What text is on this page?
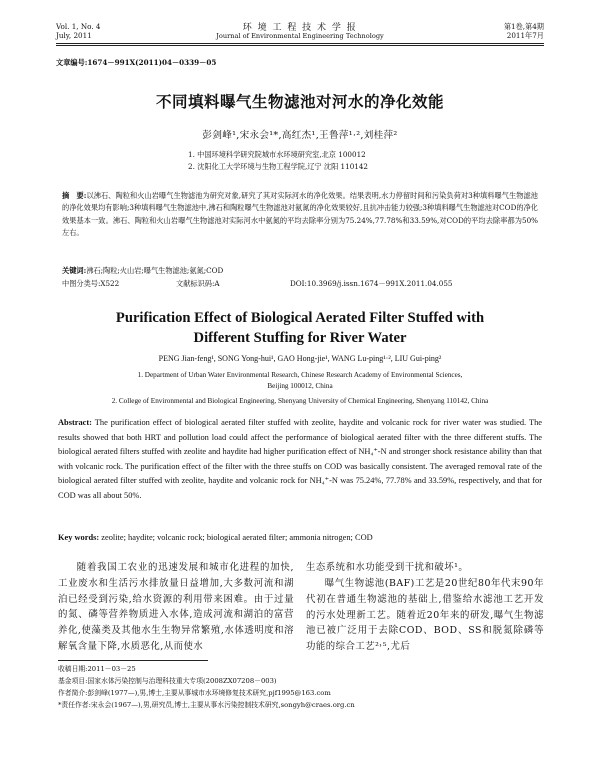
Vol. 1, No. 4
July, 2011
环 境 工 程 技 术 学 报
Journal of Environmental Engineering Technology
第1卷,第4期
2011年7月
文章编号:1674－991X(2011)04－0339－05
不同填料曝气生物滤池对河水的净化效能
彭剑峰¹,宋永会¹*,高红杰¹,王鲁萍¹·²,刘桂萍²
1. 中国环境科学研究院城市水环境研究室,北京 100012
2. 沈阳化工大学环境与生物工程学院,辽宁 沈阳 110142
摘　要:以沸石、陶粒和火山岩曝气生物滤池为研究对象,研究了其对实际河水的净化效果。结果表明,水力停留时间和污染负荷对3种填料曝气生物滤池的净化效果均有影响;3种填料曝气生物滤池中,沸石和陶粒曝气生物滤池对氨氮的净化效果较好,且抗冲击能力较强;3种填料曝气生物滤池对COD的净化效果基本一致。沸石、陶粒和火山岩曝气生物滤池对实际河水中氨氮的平均去除率分别为75.24%,77.78%和33.59%,对COD的平均去除率都为50%左右。
关键词:沸石;陶粒;火山岩;曝气生物滤池;氨氮;COD
中图分类号:X522	文献标识码:A	DOI:10.3969/j.issn.1674－991X.2011.04.055
Purification Effect of Biological Aerated Filter Stuffed with
Different Stuffing for River Water
PENG Jian-feng¹, SONG Yong-hui¹, GAO Hong-jie¹, WANG Lu-ping¹·², LIU Gui-ping²
1. Department of Urban Water Environmental Research, Chinese Research Academy of Environmental Sciences,
Beijing 100012, China
2. College of Environmental and Biological Engineering, Shenyang University of Chemical Engineering, Shenyang 110142, China
Abstract: The purification effect of biological aerated filter stuffed with zeolite, haydite and volcanic rock for river water was studied. The results showed that both HRT and pollution load could affect the performance of biological aerated filter with the three different stuffs. The biological aerated filters stuffed with zeolite and haydite had higher purification effect of NH₄⁺-N and stronger shock resistance ability than that with volcanic rock. The purification effect of the filter with the three stuffs on COD was basically consistent. The averaged removal rate of the biological aerated filter stuffed with zeolite, haydite and volcanic rock for NH₄⁺-N was 75.24%, 77.78% and 33.59%, respectively, and that for COD was all about 50%.
Key words: zeolite; haydite; volcanic rock; biological aerated filter; ammonia nitrogen; COD
随着我国工农业的迅速发展和城市化进程的加快,工业废水和生活污水排放量日益增加,大多数河流和湖泊已经受到污染,给水资源的利用带来困难。由于过量的氮、磷等营养物质进入水体,造成河流和湖泊的富营养化,使藻类及其他水生生物异常繁殖,水体透明度和溶解氧含量下降,水质恶化,从而使水
生态系统和水功能受到干扰和破坏¹。
曝气生物滤池(BAF)工艺是20世纪80年代末90年代初在普通生物滤池的基础上,借鉴给水滤池工艺开发的污水处理新工艺。随着近20年来的研发,曝气生物滤池已被广泛用于去除COD、BOD、SS和脱氮除磷等功能的综合工艺²˒⁵,尤后
收稿日期:2011－03－25
基金项目:国家水体污染控制与治理科技重大专项(2008ZX07208－003)
作者简介:彭剑峰(1977—),男,博士,主要从事城市水环境修复技术研究,pjf1995@163.com
*责任作者:宋永会(1967—),男,研究员,博士,主要从事水污染控制技术研究,songyh@craes.org.cn
